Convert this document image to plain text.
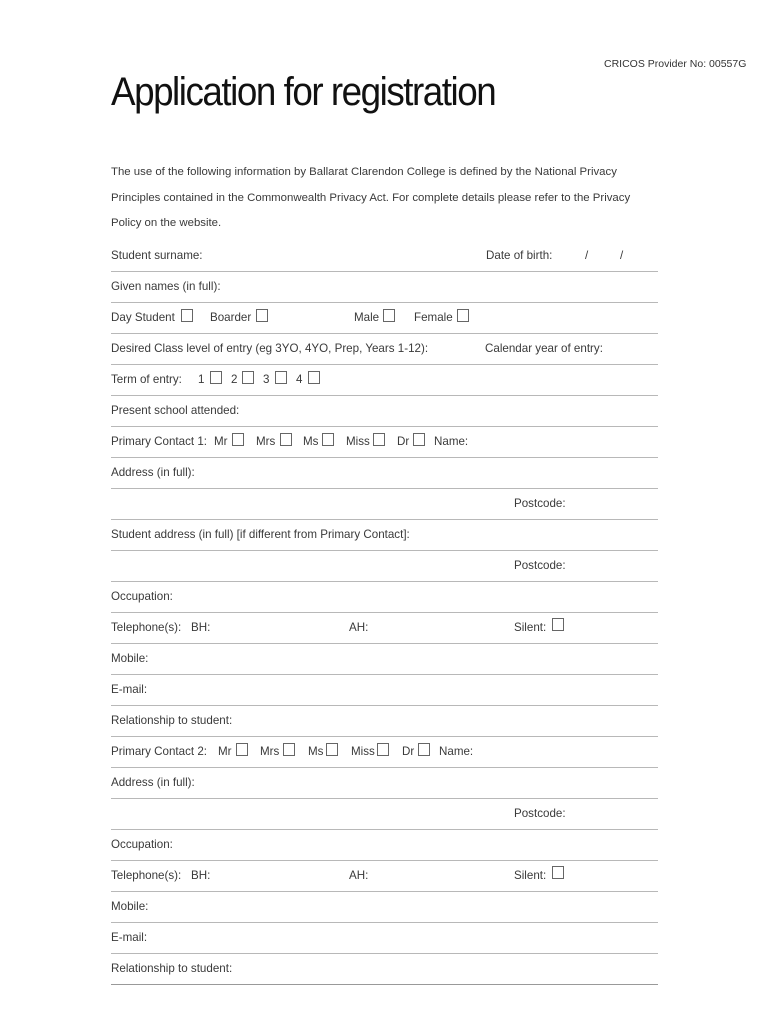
CRICOS Provider No: 00557G
Application for registration
The use of the following information by Ballarat Clarendon College is defined by the National Privacy
Principles contained in the Commonwealth Privacy Act. For complete details please refer to the Privacy
Policy on the website.
Student surname:	Date of birth:	/	/
Given names (in full):
Day Student	Boarder	Male	Female
Desired Class level of entry (eg 3YO, 4YO, Prep, Years 1-12):	Calendar year of entry:
Term of entry: 1 2 3 4
Present school attended:
Primary Contact 1: Mr Mrs Ms Miss Dr Name:
Address (in full):
Postcode:
Student address (in full) [if different from Primary Contact]:
Postcode:
Occupation:
Telephone(s): BH:	AH:	Silent:
Mobile:
E-mail:
Relationship to student:
Primary Contact 2: Mr Mrs Ms Miss Dr Name:
Address (in full):
Postcode:
Occupation:
Telephone(s): BH:	AH:	Silent:
Mobile:
E-mail:
Relationship to student:
